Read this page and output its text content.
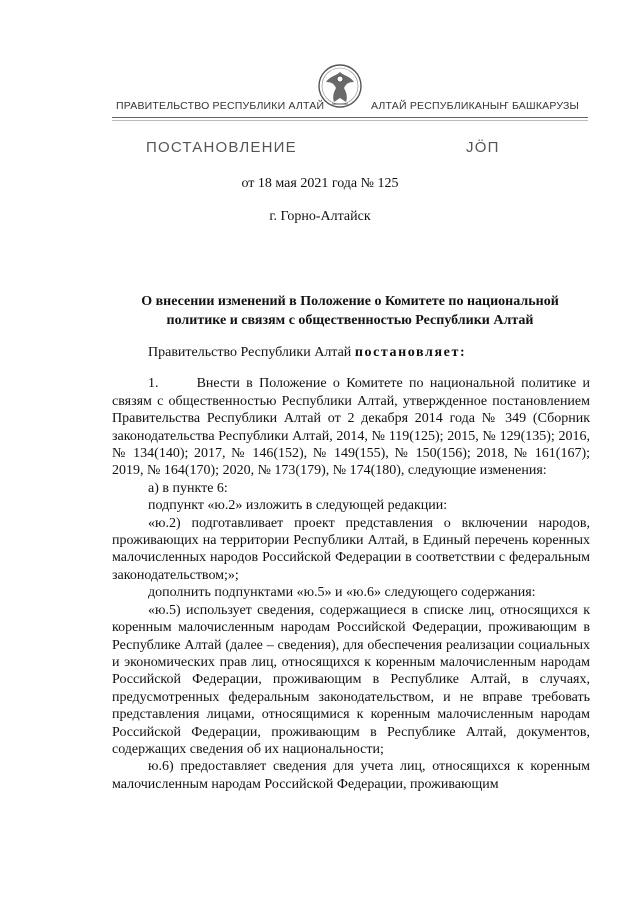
ПРАВИТЕЛЬСТВО РЕСПУБЛИКИ АЛТАЙ	АЛТАЙ РЕСПУБЛИКАНЫҤ БАШКАРУЗЫ
ПОСТАНОВЛЕНИЕ	ЈӦП
от 18 мая 2021 года № 125
г. Горно-Алтайск
О внесении изменений в Положение о Комитете по национальной политике и связям с общественностью Республики Алтай

Правительство Республики Алтай постановляет:

1.      Внести в Положение о Комитете по национальной политике и связям с общественностью Республики Алтай, утвержденное постановлением Правительства Республики Алтай от 2 декабря 2014 года № 349 (Сборник законодательства Республики Алтай, 2014, № 119(125); 2015, № 129(135); 2016, № 134(140); 2017, № 146(152), № 149(155), № 150(156); 2018, № 161(167); 2019, № 164(170); 2020, № 173(179), № 174(180), следующие изменения:

а) в пункте 6:

подпункт «ю.2» изложить в следующей редакции:

«ю.2) подготавливает проект представления о включении народов, проживающих на территории Республики Алтай, в Единый перечень коренных малочисленных народов Российской Федерации в соответствии с федеральным законодательством;»;

дополнить подпунктами «ю.5» и «ю.6» следующего содержания:

«ю.5) использует сведения, содержащиеся в списке лиц, относящихся к коренным малочисленным народам Российской Федерации, проживающим в Республике Алтай (далее – сведения), для обеспечения реализации социальных и экономических прав лиц, относящихся к коренным малочисленным народам Российской Федерации, проживающим в Республике Алтай, в случаях, предусмотренных федеральным законодательством, и не вправе требовать представления лицами, относящимися к коренным малочисленным народам Российской Федерации, проживающим в Республике Алтай, документов, содержащих сведения об их национальности;

ю.6) предоставляет сведения для учета лиц, относящихся к коренным малочисленным народам Российской Федерации, проживающим
